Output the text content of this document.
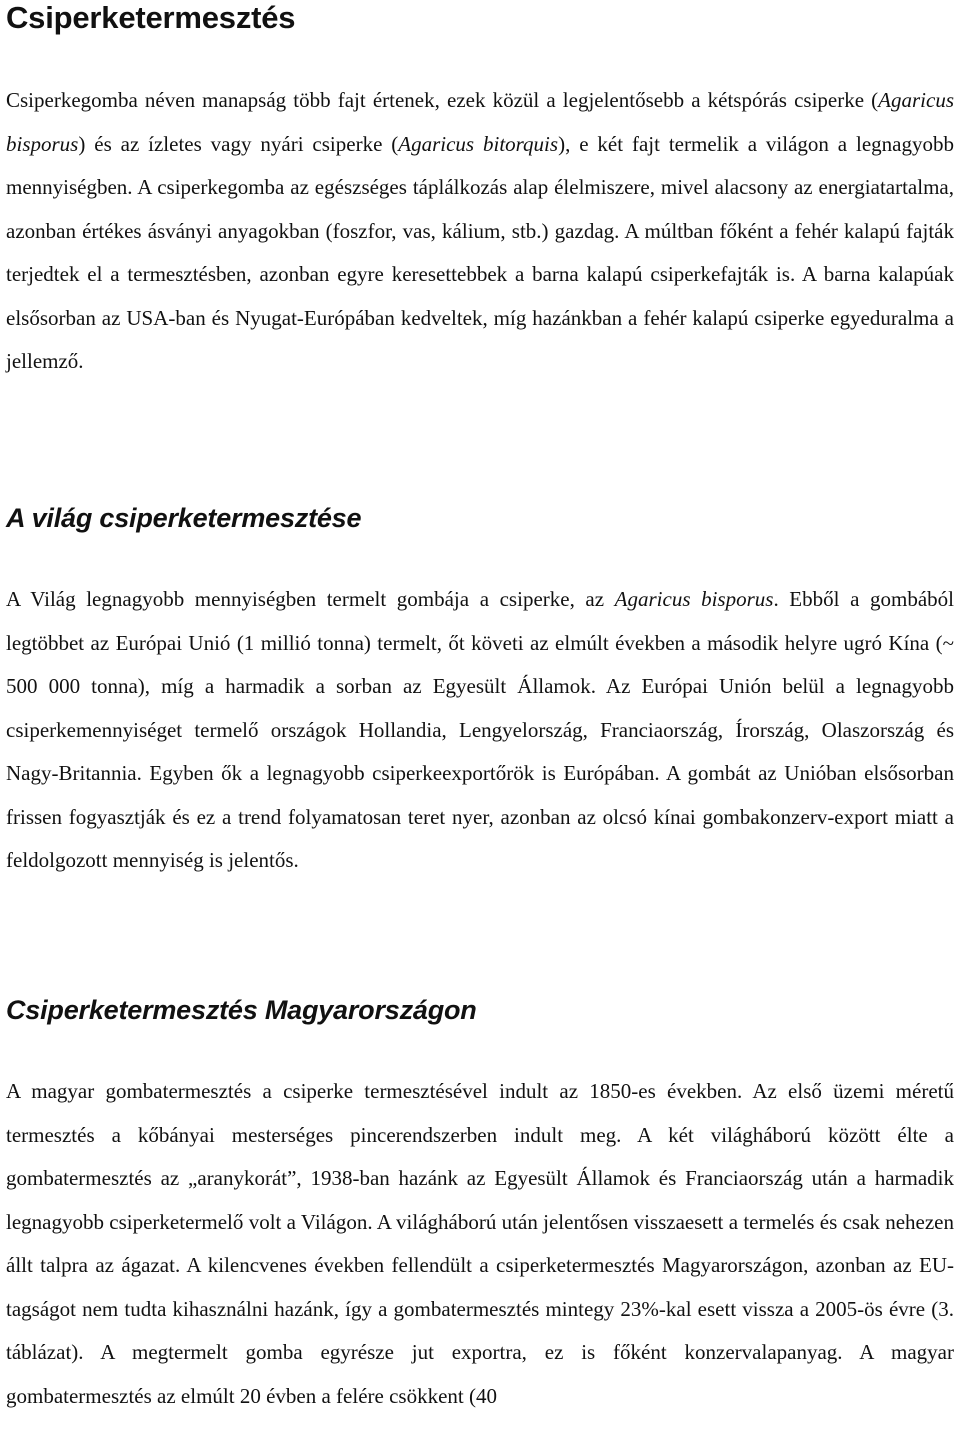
Csiperketermesztés

Csiperkegomba néven manapság több fajt értenek, ezek közül a legjelentősebb a kétspórás csiperke (Agaricus bisporus) és az ízletes vagy nyári csiperke (Agaricus bitorquis), e két fajt termelik a világon a legnagyobb mennyiségben. A csiperkegomba az egészséges táplálkozás alap élelmiszere, mivel alacsony az energiatartalma, azonban értékes ásványi anyagokban (foszfor, vas, kálium, stb.) gazdag. A múltban főként a fehér kalapú fajták terjedtek el a termesztésben, azonban egyre keresettebbek a barna kalapú csiperkefajták is. A barna kalapúak elsősorban az USA-ban és Nyugat-Európában kedveltek, míg hazánkban a fehér kalapú csiperke egyeduralma a jellemző.

A világ csiperketermesztése

A Világ legnagyobb mennyiségben termelt gombája a csiperke, az Agaricus bisporus. Ebből a gombából legtöbbet az Európai Unió (1 millió tonna) termelt, őt követi az elmúlt években a második helyre ugró Kína (~ 500 000 tonna), míg a harmadik a sorban az Egyesült Államok. Az Európai Unión belül a legnagyobb csiperkemennyiséget termelő országok Hollandia, Lengyelország, Franciaország, Írország, Olaszország és Nagy-Britannia. Egyben ők a legnagyobb csiperkeexportőrök is Európában. A gombát az Unióban elsősorban frissen fogyasztják és ez a trend folyamatosan teret nyer, azonban az olcsó kínai gombakonzerv-export miatt a feldolgozott mennyiség is jelentős.

Csiperketermesztés Magyarországon

A magyar gombatermesztés a csiperke termesztésével indult az 1850-es években. Az első üzemi méretű termesztés a kőbányai mesterséges pincerendszerben indult meg. A két világháború között élte a gombatermesztés az „aranykorát”, 1938-ban hazánk az Egyesült Államok és Franciaország után a harmadik legnagyobb csiperketermelő volt a Világon. A világháború után jelentősen visszaesett a termelés és csak nehezen állt talpra az ágazat. A kilencvenes években fellendült a csiperketermesztés Magyarországon, azonban az EU-tagságot nem tudta kihasználni hazánk, így a gombatermesztés mintegy 23%-kal esett vissza a 2005-ös évre (3. táblázat). A megtermelt gomba egyrésze jut exportra, ez is főként konzervalapanyag. A magyar gombatermesztés az elmúlt 20 évben a felére csökkent (40
